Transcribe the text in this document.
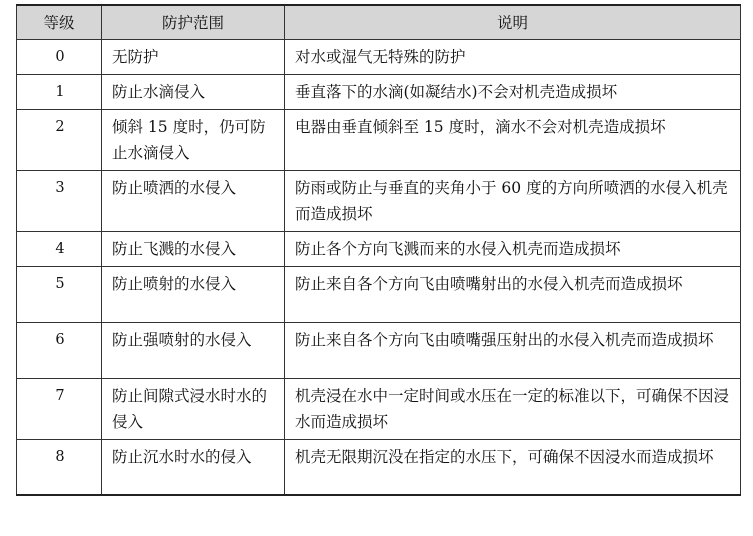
等级	防护范围	说明
0	无防护	对水或湿气无特殊的防护
1	防止水滴侵入	垂直落下的水滴(如凝结水)不会对机壳造成损坏
2	倾斜 15 度时，仍可防止水滴侵入	电器由垂直倾斜至 15 度时，滴水不会对机壳造成损坏
3	防止喷洒的水侵入	防雨或防止与垂直的夹角小于 60 度的方向所喷洒的水侵入机壳而造成损坏
4	防止飞溅的水侵入	防止各个方向飞溅而来的水侵入机壳而造成损坏
5	防止喷射的水侵入	防止来自各个方向飞由喷嘴射出的水侵入机壳而造成损坏
6	防止强喷射的水侵入	防止来自各个方向飞由喷嘴强压射出的水侵入机壳而造成损坏
7	防止间隙式浸水时水的侵入	机壳浸在水中一定时间或水压在一定的标准以下，可确保不因浸水而造成损坏
8	防止沉水时水的侵入	机壳无限期沉没在指定的水压下，可确保不因浸水而造成损坏
